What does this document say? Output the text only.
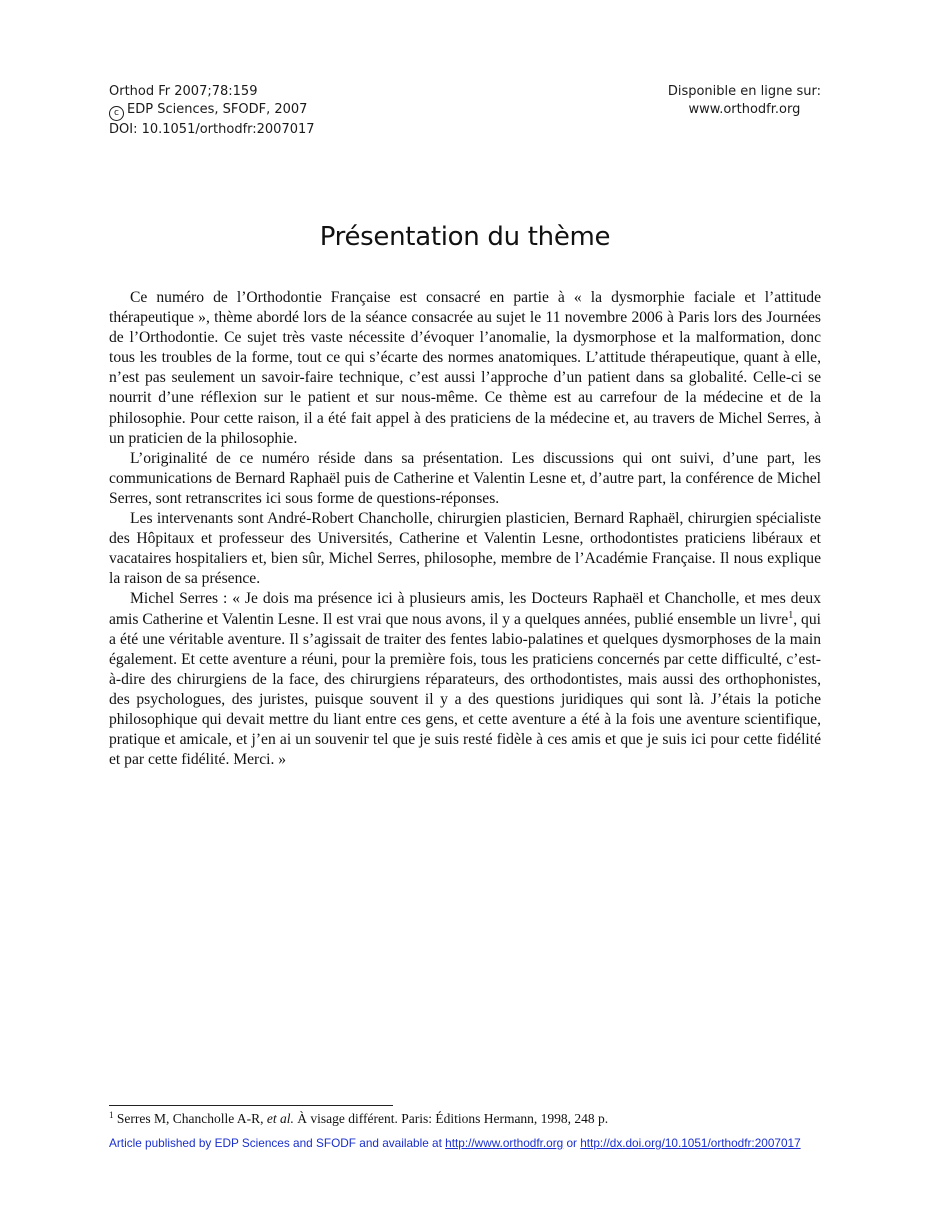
Orthod Fr 2007;78:159
c EDP Sciences, SFODF, 2007
DOI: 10.1051/orthodfr:2007017
Disponible en ligne sur:
www.orthodfr.org
Présentation du thème

Ce numéro de l’Orthodontie Française est consacré en partie à « la dysmorphie faciale et l’attitude thérapeutique », thème abordé lors de la séance consacrée au sujet le 11 novembre 2006 à Paris lors des Journées de l’Orthodontie. Ce sujet très vaste nécessite d’évoquer l’anomalie, la dysmorphose et la malformation, donc tous les troubles de la forme, tout ce qui s’écarte des normes anatomiques. L’attitude thérapeutique, quant à elle, n’est pas seulement un savoir-faire technique, c’est aussi l’approche d’un patient dans sa globalité. Celle-ci se nourrit d’une réflexion sur le patient et sur nous-même. Ce thème est au carrefour de la médecine et de la philosophie. Pour cette raison, il a été fait appel à des praticiens de la médecine et, au travers de Michel Serres, à un praticien de la philosophie.

L’originalité de ce numéro réside dans sa présentation. Les discussions qui ont suivi, d’une part, les communications de Bernard Raphaël puis de Catherine et Valentin Lesne et, d’autre part, la conférence de Michel Serres, sont retranscrites ici sous forme de questions-réponses.

Les intervenants sont André-Robert Chancholle, chirurgien plasticien, Bernard Raphaël, chirurgien spécialiste des Hôpitaux et professeur des Universités, Catherine et Valentin Lesne, orthodontistes praticiens libéraux et vacataires hospitaliers et, bien sûr, Michel Serres, philosophe, membre de l’Académie Française. Il nous explique la raison de sa présence.

Michel Serres : « Je dois ma présence ici à plusieurs amis, les Docteurs Raphaël et Chancholle, et mes deux amis Catherine et Valentin Lesne. Il est vrai que nous avons, il y a quelques années, publié ensemble un livre$^1$, qui a été une véritable aventure. Il s’agissait de traiter des fentes labio-palatines et quelques dysmorphoses de la main également. Et cette aventure a réuni, pour la première fois, tous les praticiens concernés par cette difficulté, c’est-à-dire des chirurgiens de la face, des chirurgiens réparateurs, des orthodontistes, mais aussi des orthophonistes, des psychologues, des juristes, puisque souvent il y a des questions juridiques qui sont là. J’étais la potiche philosophique qui devait mettre du liant entre ces gens, et cette aventure a été à la fois une aventure scientifique, pratique et amicale, et j’en ai un souvenir tel que je suis resté fidèle à ces amis et que je suis ici pour cette fidélité et par cette fidélité. Merci. »

$^1$ Serres M, Chancholle A-R, et al. À visage différent. Paris: Éditions Hermann, 1998, 248 p.
Article published by EDP Sciences and SFODF and available at http://www.orthodfr.org or http://dx.doi.org/10.1051/orthodfr:2007017
